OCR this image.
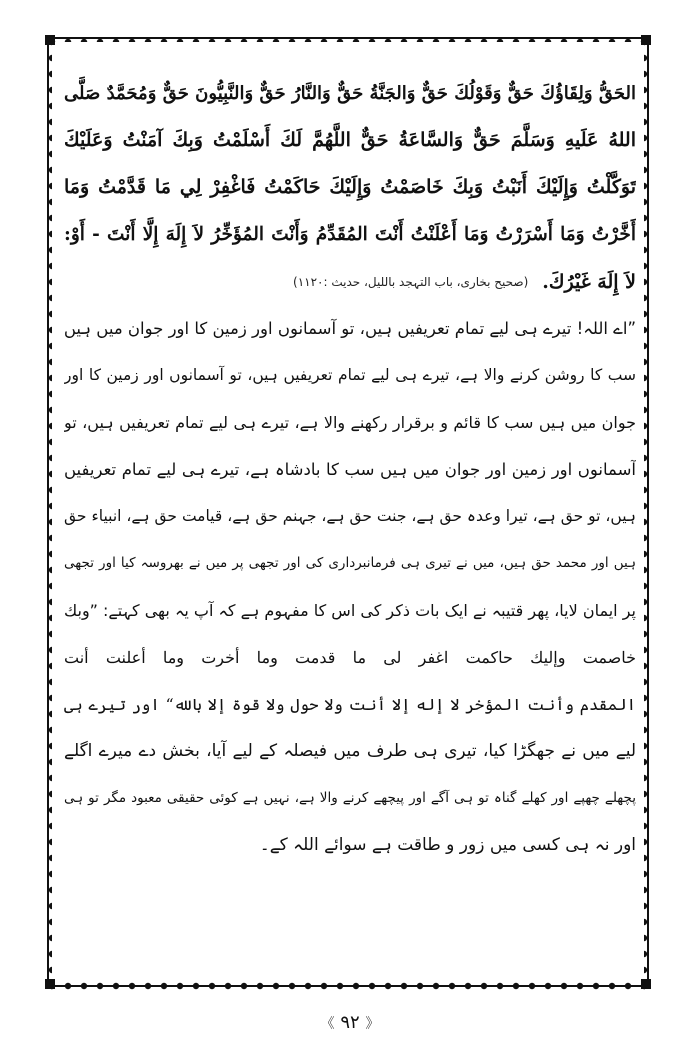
الحَقُّ وَلِقَاؤُكَ حَقٌّ وَقَوْلُكَ حَقٌّ وَالجَنَّةُ حَقٌّ وَالنَّارُ حَقٌّ وَالنَّبِيُّونَ حَقٌّ وَمُحَمَّدٌ صَلَّى
اللهُ عَلَيهِ وَسَلَّمَ حَقٌّ وَالسَّاعَةُ حَقٌّ اللَّهُمَّ لَكَ أَسْلَمْتُ وَبِكَ آمَنْتُ وَعَلَيْكَ
تَوَكَّلْتُ وَإِلَيْكَ أَنَبْتُ وَبِكَ خَاصَمْتُ وَإِلَيْكَ حَاكَمْتُ فَاغْفِرْ لِي مَا قَدَّمْتُ وَمَا
أَخَّرْتُ وَمَا أَسْرَرْتُ وَمَا أَعْلَنْتُ أَنْتَ المُقَدِّمُ وَأَنْتَ المُؤَخِّرُ لاَ إِلَهَ إِلَّا أَنْتَ - أَوْ:
لاَ إِلَهَ غَيْرُكَ.
(صحیح بخاری، باب التہجد باللیل، حدیث :۱۱۲۰)
”اے اللہ! تیرے ہی لیے تمام تعریفیں ہیں، تو آسمانوں اور زمین کا اور جوان میں ہیں
سب کا روشن کرنے والا ہے، تیرے ہی لیے تمام تعریفیں ہیں، تو آسمانوں اور زمین کا اور
جوان میں ہیں سب کا قائم و برقرار رکھنے والا ہے، تیرے ہی لیے تمام تعریفیں ہیں، تو
آسمانوں اور زمین اور جوان میں ہیں سب کا بادشاہ ہے، تیرے ہی لیے تمام تعریفیں
ہیں، تو حق ہے، تیرا وعدہ حق ہے، جنت حق ہے، جہنم حق ہے، قیامت حق ہے، انبیاء حق
ہیں اور محمد حق ہیں، میں نے تیری ہی فرمانبرداری کی اور تجھی پر میں نے بھروسہ کیا اور تجھی
پر ایمان لایا، پھر قتیبہ نے ایک بات ذکر کی اس کا مفہوم ہے کہ آپ یہ بھی کہتے: ”وبك
خاصمت وإليك حاكمت اغفر لى ما قدمت وما أخرت وما أعلنت أنت
المقدم وأنت المؤخر لا إله إلا أنت ولا حول ولا قوة إلا بالله“ اور تیرے ہی
لیے میں نے جھگڑا کیا، تیری ہی طرف میں فیصلہ کے لیے آیا، بخش دے میرے اگلے
پچھلے چھپے اور کھلے گناہ تو ہی آگے اور پیچھے کرنے والا ہے، نہیں ہے کوئی حقیقی معبود مگر تو ہی
اور نہ ہی کسی میں زور و طاقت ہے سوائے اللہ کے۔
《 ۹۲ 》
